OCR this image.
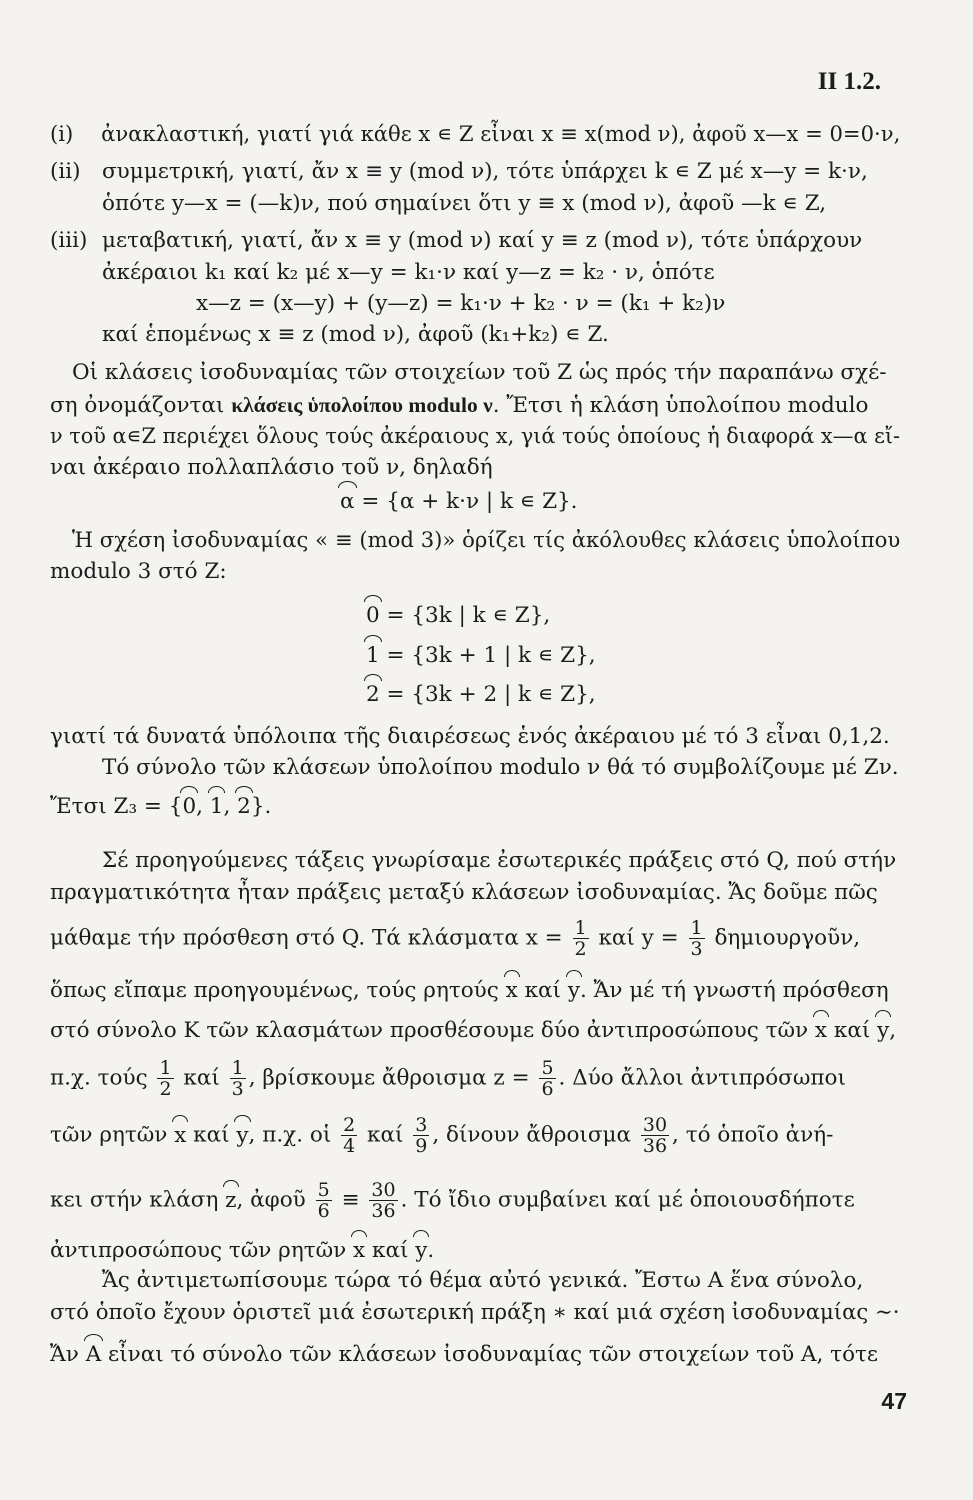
II 1.2.
(i) ἀνακλαστική, γιατί γιά κάθε x ∊ Z εἶναι x ≡ x(mod ν), ἀφοῦ x—x = 0=0·ν,
(ii) συμμετρική, γιατί, ἄν x ≡ y (mod ν), τότε ὑπάρχει k ∊ Z μέ x—y = k·ν,
ὁπότε y—x = (—k)ν, πού σημαίνει ὅτι y ≡ x (mod ν), ἀφοῦ —k ∊ Z,
(iii) μεταβατική, γιατί, ἄν x ≡ y (mod ν) καί y ≡ z (mod ν), τότε ὑπάρχουν
ἀκέραιοι k₁ καί k₂ μέ x—y = k₁·ν καί y—z = k₂ · ν, ὁπότε
x—z = (x—y) + (y—z) = k₁·ν + k₂ · ν = (k₁ + k₂)ν
καί ἑπομένως x ≡ z (mod ν), ἀφοῦ (k₁+k₂) ∊ Z.
Οἱ κλάσεις ἰσοδυναμίας τῶν στοιχείων τοῦ Z ὡς πρός τήν παραπάνω σχέ-
ση ὀνομάζονται κλάσεις ὑπολοίπου modulo ν. Ἔτσι ἡ κλάση ὑπολοίπου modulo
ν τοῦ α∊Z περιέχει ὅλους τούς ἀκέραιους x, γιά τούς ὁποίους ἡ διαφορά x—α εἴ-
ναι ἀκέραιο πολλαπλάσιο τοῦ ν, δηλαδή
α = {α + k·ν | k ∊ Z}.
Ἡ σχέση ἰσοδυναμίας « ≡ (mod 3)» ὁρίζει τίς ἀκόλουθες κλάσεις ὑπολοίπου
modulo 3 στό Z:
0 = {3k | k ∊ Z},
1 = {3k + 1 | k ∊ Z},
2 = {3k + 2 | k ∊ Z},
γιατί τά δυνατά ὑπόλοιπα τῆς διαιρέσεως ἑνός ἀκέραιου μέ τό 3 εἶναι 0,1,2.
Τό σύνολο τῶν κλάσεων ὑπολοίπου modulo ν θά τό συμβολίζουμε μέ Zν.
Ἔτσι Z₃ = {0, 1, 2}.
Σέ προηγούμενες τάξεις γνωρίσαμε ἐσωτερικές πράξεις στό Q, πού στήν
πραγματικότητα ἦταν πράξεις μεταξύ κλάσεων ἰσοδυναμίας. Ἄς δοῦμε πῶς
μάθαμε τήν πρόσθεση στό Q. Τά κλάσματα $x = \frac{1}{2}$ καί $y = \frac{1}{3}$ δημιουργοῦν,
ὅπως εἴπαμε προηγουμένως, τούς ρητούς x καί y. Ἄν μέ τή γνωστή πρόσθεση
στό σύνολο K τῶν κλασμάτων προσθέσουμε δύο ἀντιπροσώπους τῶν x καί y,
π.χ. τούς $\frac{1}{2}$ καί $\frac{1}{3}$ , βρίσκουμε ἄθροισμα $z = \frac{5}{6}$ . Δύο ἄλλοι ἀντιπρόσωποι
τῶν ρητῶν x καί y, π.χ. οἱ $\frac{2}{4}$ καί $\frac{3}{9}$ , δίνουν ἄθροισμα $\frac{30}{36}$ , τό ὁποῖο ἀνή-
κει στήν κλάση z, ἀφοῦ $\frac{5}{6} \equiv \frac{30}{36}$ . Τό ἴδιο συμβαίνει καί μέ ὁποιουσδήποτε
ἀντιπροσώπους τῶν ρητῶν x καί y.
Ἄς ἀντιμετωπίσουμε τώρα τό θέμα αὐτό γενικά. Ἔστω A ἕνα σύνολο,
στό ὁποῖο ἔχουν ὁριστεῖ μιά ἐσωτερική πράξη ∗ καί μιά σχέση ἰσοδυναμίας ∼·
Ἄν A εἶναι τό σύνολο τῶν κλάσεων ἰσοδυναμίας τῶν στοιχείων τοῦ A, τότε
47
